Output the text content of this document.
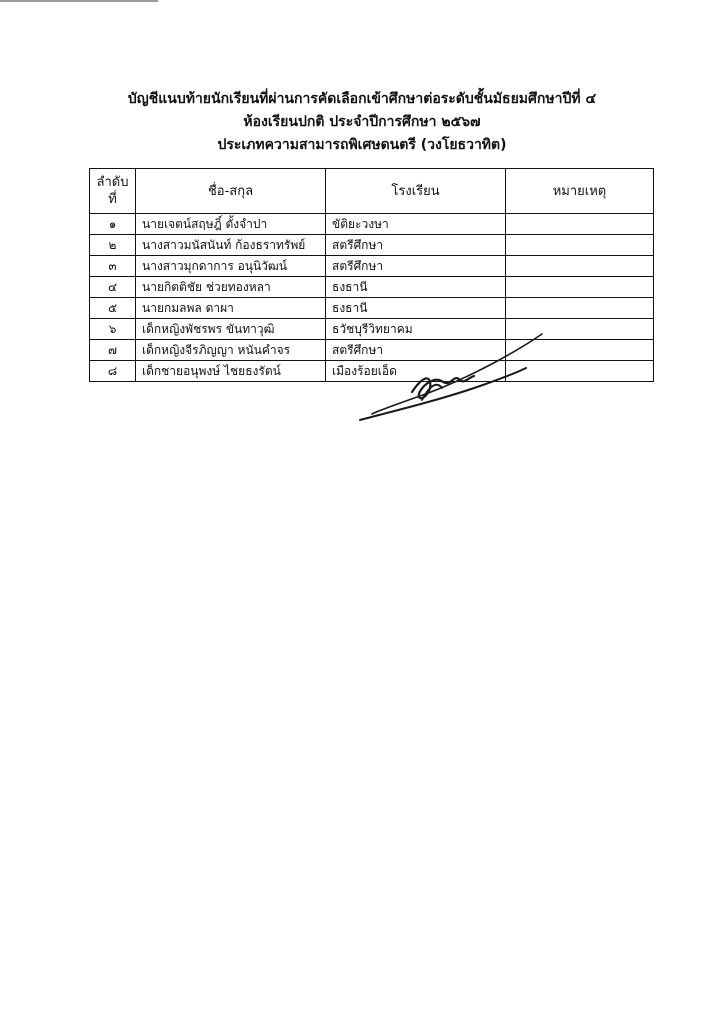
บัญชีแนบท้ายนักเรียนที่ผ่านการคัดเลือกเข้าศึกษาต่อระดับชั้นมัธยมศึกษาปีที่ ๔
ห้องเรียนปกติ ประจำปีการศึกษา ๒๕๖๗
ประเภทความสามารถพิเศษดนตรี (วงโยธวาทิต)
ลำดับ
ที่	ชื่อ-สกุล	โรงเรียน	หมายเหตุ
๑	นายเจตน์สฤษฎิ์ ตั้งจำปา	ขัติยะวงษา	
๒	นางสาวมนัสนันท์ ก้องธราทรัพย์	สตรีศึกษา	
๓	นางสาวมุกดาการ อนุนิวัฒน์	สตรีศึกษา	
๔	นายกิตติชัย ช่วยทองหลา	ธงธานี	
๕	นายกมลพล ดาผา	ธงธานี	
๖	เด็กหญิงพัชรพร ขันทาวุฒิ	ธวัชบุรีวิทยาคม	
๗	เด็กหญิงจีรภิญญา หนันคำจร	สตรีศึกษา	
๘	เด็กชายอนุพงษ์ ไชยธงรัตน์	เมืองร้อยเอ็ด	
